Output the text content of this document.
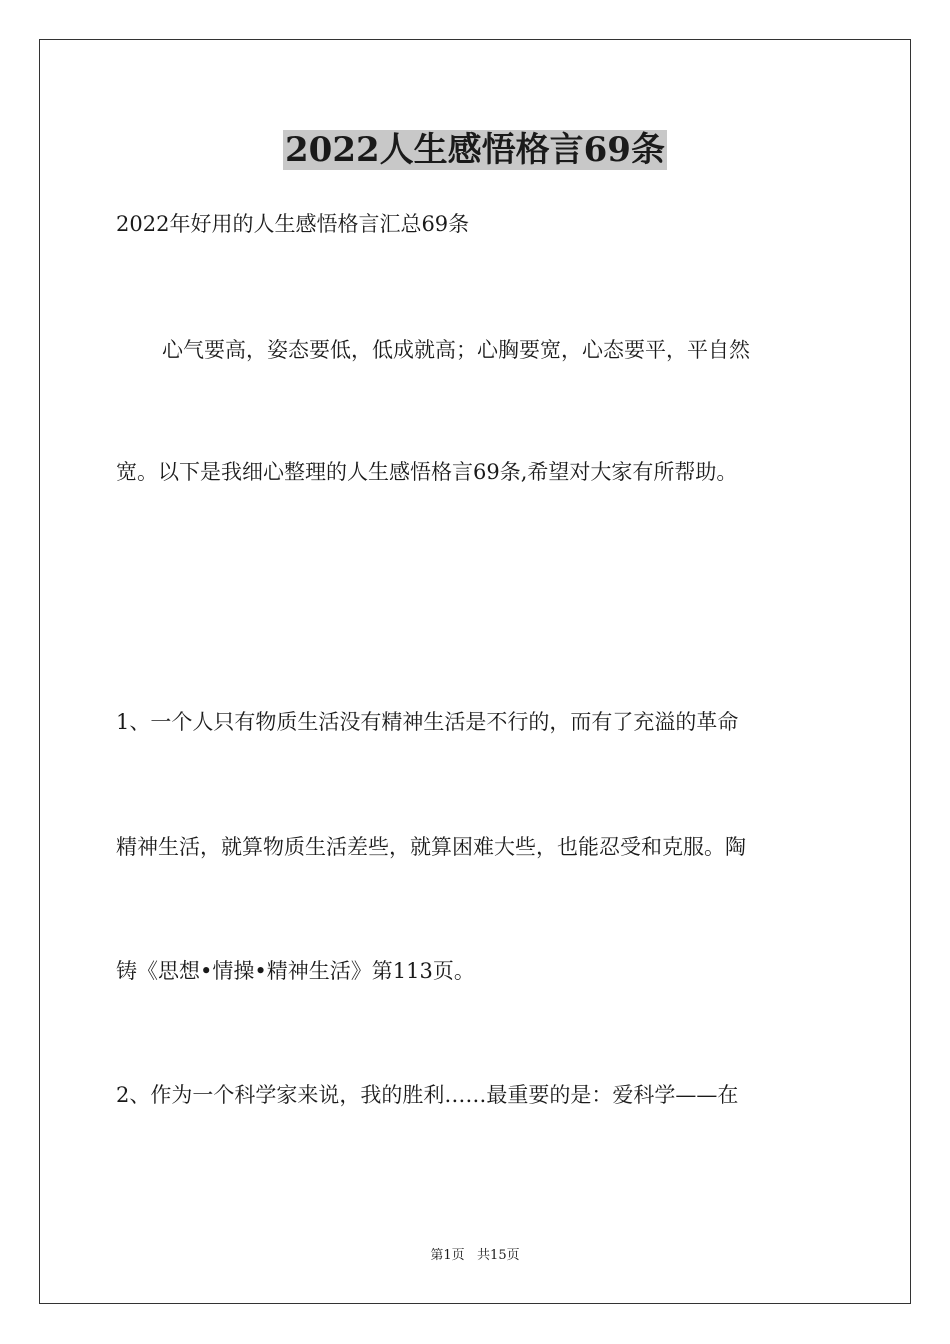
2022人生感悟格言69条

2022年好用的人生感悟格言汇总69条

心气要高，姿态要低，低成就高；心胸要宽，心态要平，平自然

宽。以下是我细心整理的人生感悟格言69条,希望对大家有所帮助。

1、一个人只有物质生活没有精神生活是不行的，而有了充溢的革命

精神生活，就算物质生活差些，就算困难大些，也能忍受和克服。陶

铸《思想•情操•精神生活》第113页。

2、作为一个科学家来说，我的胜利……最重要的是：爱科学——在

第1页   共15页
